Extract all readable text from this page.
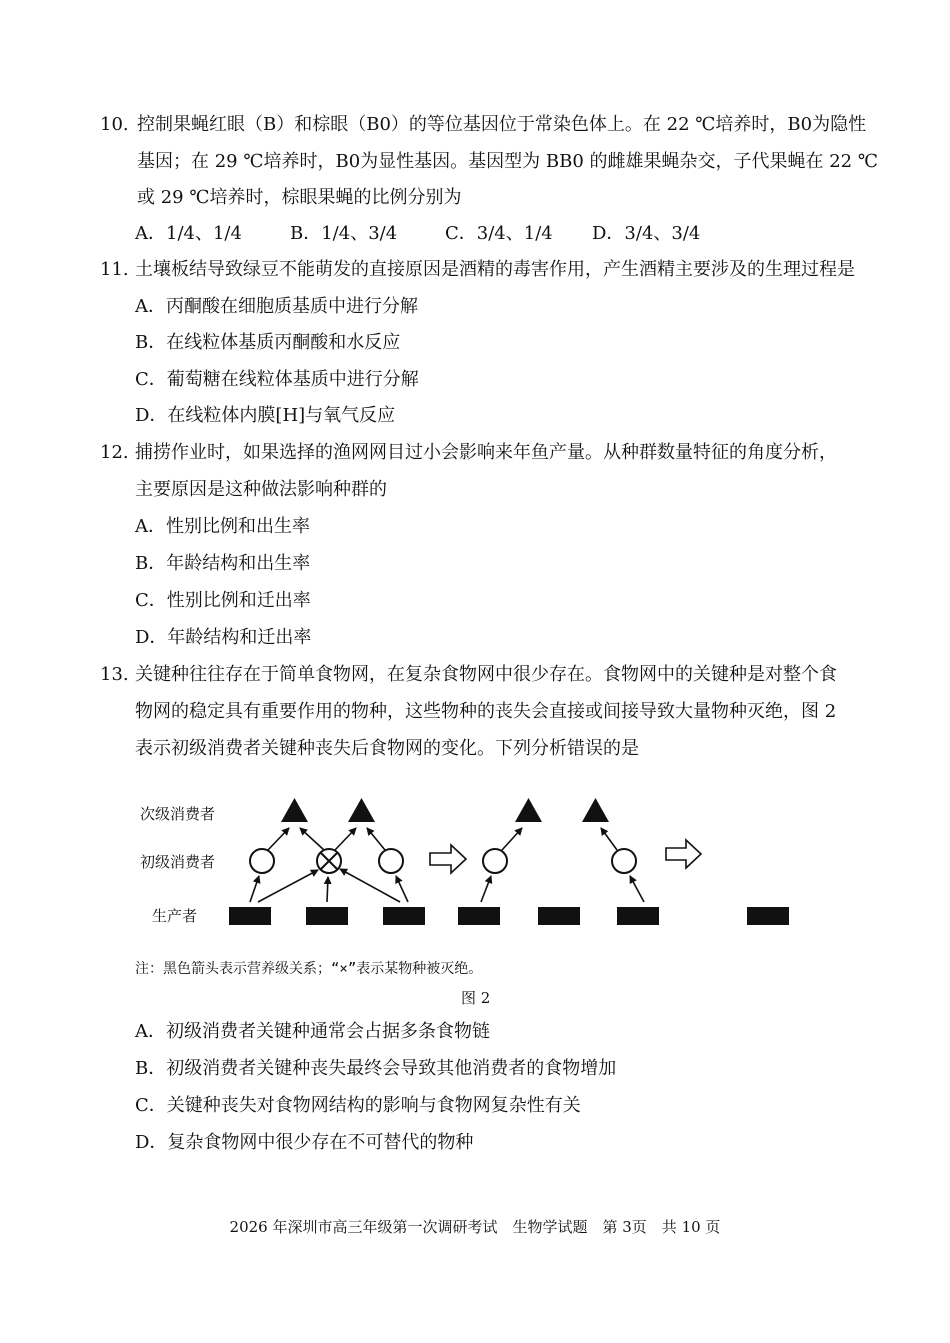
10. 控制果蝇红眼（B）和棕眼（B0）的等位基因位于常染色体上。在 22 ℃培养时，B0为隐性
基因；在 29 ℃培养时，B0为显性基因。基因型为 BB0 的雌雄果蝇杂交，子代果蝇在 22 ℃
或 29 ℃培养时，棕眼果蝇的比例分别为
A．1/4、1/4	B．1/4、3/4	C．3/4、1/4 D．3/4、3/4
11. 土壤板结导致绿豆不能萌发的直接原因是酒精的毒害作用，产生酒精主要涉及的生理过程是
A．丙酮酸在细胞质基质中进行分解
B．在线粒体基质丙酮酸和水反应
C．葡萄糖在线粒体基质中进行分解
D．在线粒体内膜[H]与氧气反应
12. 捕捞作业时，如果选择的渔网网目过小会影响来年鱼产量。从种群数量特征的角度分析，
主要原因是这种做法影响种群的
A．性别比例和出生率
B．年龄结构和出生率
C．性别比例和迁出率
D．年龄结构和迁出率
13. 关键种往往存在于简单食物网，在复杂食物网中很少存在。食物网中的关键种是对整个食
物网的稳定具有重要作用的物种，这些物种的丧失会直接或间接导致大量物种灭绝，图 2
表示初级消费者关键种丧失后食物网的变化。下列分析错误的是
次级消费者
初级消费者
生产者
注：黑色箭头表示营养级关系；“×”表示某物种被灭绝。
图 2
A．初级消费者关键种通常会占据多条食物链
B．初级消费者关键种丧失最终会导致其他消费者的食物增加
C．关键种丧失对食物网结构的影响与食物网复杂性有关
D．复杂食物网中很少存在不可替代的物种
2026 年深圳市高三年级第一次调研考试　生物学试题　第 3页　共 10 页
